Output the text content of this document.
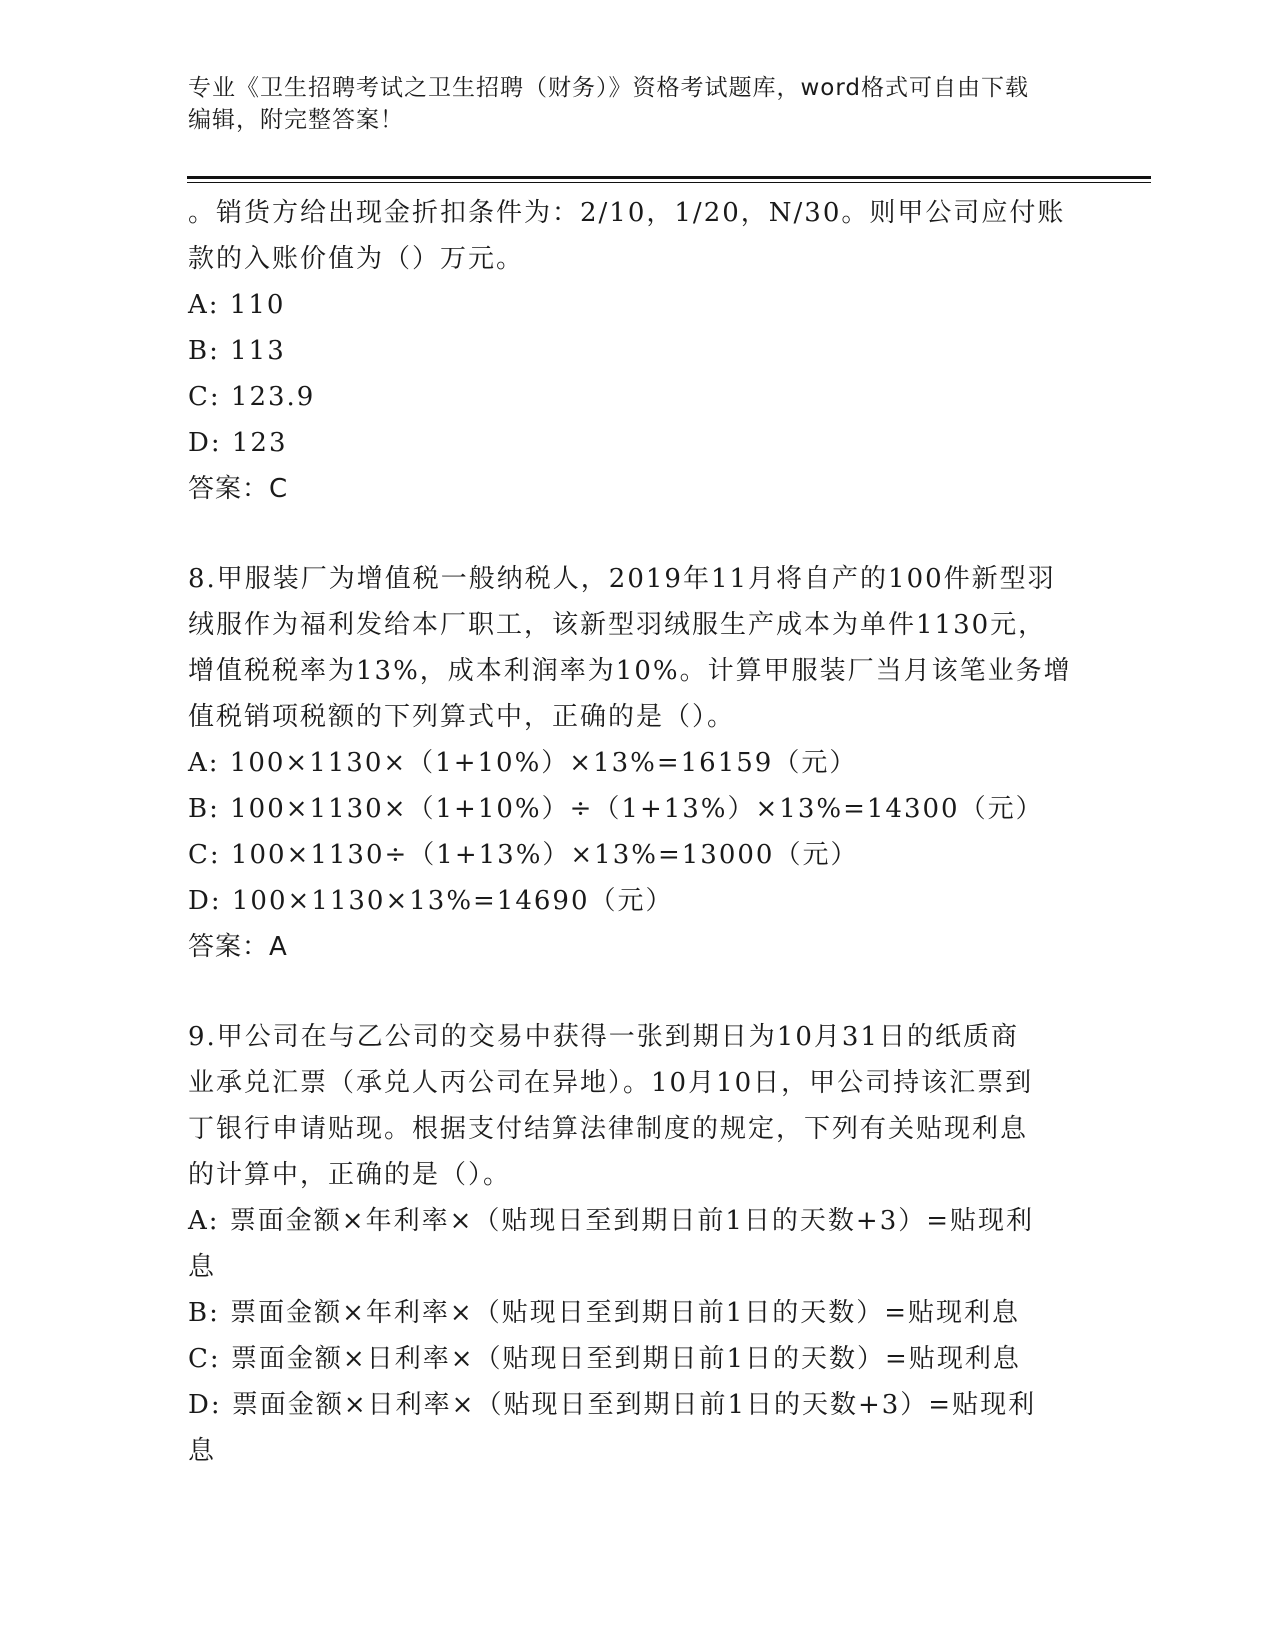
专业《卫生招聘考试之卫生招聘（财务）》资格考试题库，word格式可自由下载
编辑，附完整答案！

。销货方给出现金折扣条件为：2/10，1/20，N/30。则甲公司应付账

款的入账价值为（）万元。

A: 110

B: 113

C: 123.9

D: 123

答案：C

8.甲服装厂为增值税一般纳税人，2019年11月将自产的100件新型羽

绒服作为福利发给本厂职工，该新型羽绒服生产成本为单件1130元，

增值税税率为13%，成本利润率为10%。计算甲服装厂当月该笔业务增

值税销项税额的下列算式中，正确的是（）。

A: 100×1130×（1+10%）×13%=16159（元）

B: 100×1130×（1+10%）÷（1+13%）×13%=14300（元）

C: 100×1130÷（1+13%）×13%=13000（元）

D: 100×1130×13%=14690（元）

答案：A

9.甲公司在与乙公司的交易中获得一张到期日为10月31日的纸质商

业承兑汇票（承兑人丙公司在异地）。10月10日，甲公司持该汇票到

丁银行申请贴现。根据支付结算法律制度的规定，下列有关贴现利息

的计算中，正确的是（）。

A: 票面金额×年利率×（贴现日至到期日前1日的天数+3）=贴现利

息

B: 票面金额×年利率×（贴现日至到期日前1日的天数）=贴现利息

C: 票面金额×日利率×（贴现日至到期日前1日的天数）=贴现利息

D: 票面金额×日利率×（贴现日至到期日前1日的天数+3）=贴现利

息
